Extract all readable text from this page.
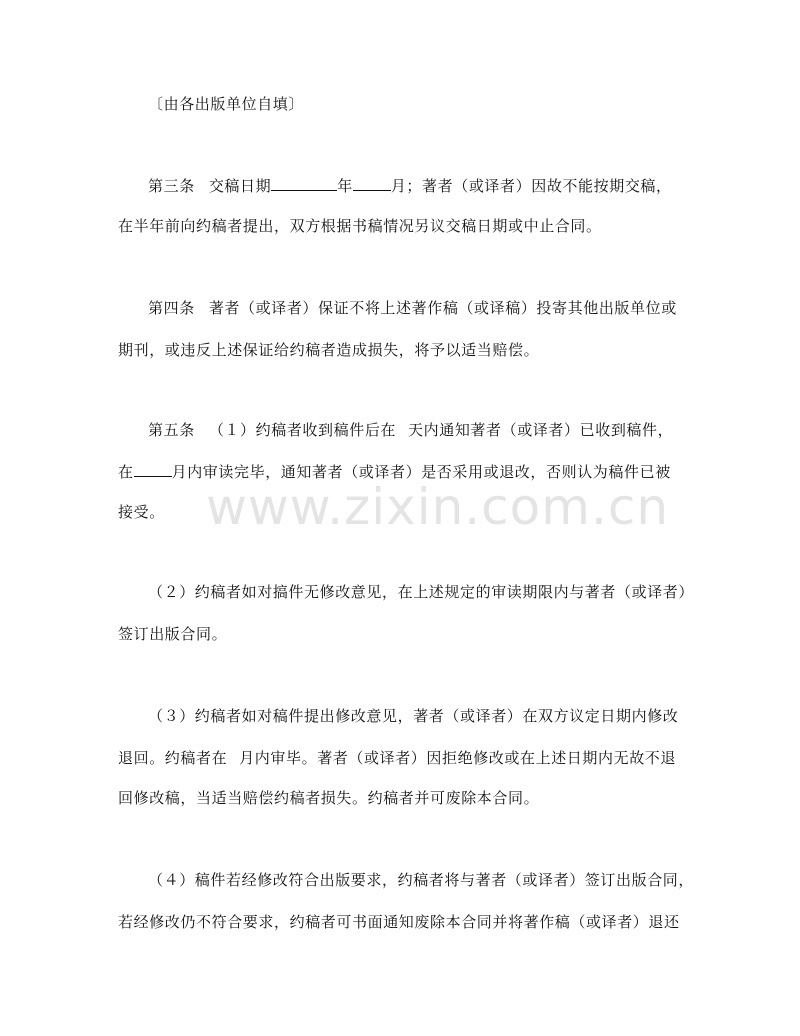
〔由各出版单位自填〕
第三条 交稿日期	年	月；著者（或译者）因故不能按期交稿，
在半年前向约稿者提出，双方根据书稿情况另议交稿日期或中止合同。
第四条 著者（或译者）保证不将上述著作稿（或译稿）投寄其他出版单位或
期刊，或违反上述保证给约稿者造成损失，将予以适当赔偿。
第五条 （１）约稿者收到稿件后在 天内通知著者（或译者）已收到稿件，
在	月内审读完毕，通知著者（或译者）是否采用或退改，否则认为稿件已被
接受。
（２）约稿者如对搞件无修改意见，在上述规定的审读期限内与著者（或译者）
签订出版合同。
（３）约稿者如对稿件提出修改意见，著者（或译者）在双方议定日期内修改
退回。约稿者在 月内审毕。著者（或译者）因拒绝修改或在上述日期内无故不退
回修改稿，当适当赔偿约稿者损失。约稿者并可废除本合同。
（４）稿件若经修改符合出版要求，约稿者将与著者（或译者）签订出版合同，
若经修改仍不符合要求，约稿者可书面通知废除本合同并将著作稿（或译者）退还
www.zixin.com.cn
